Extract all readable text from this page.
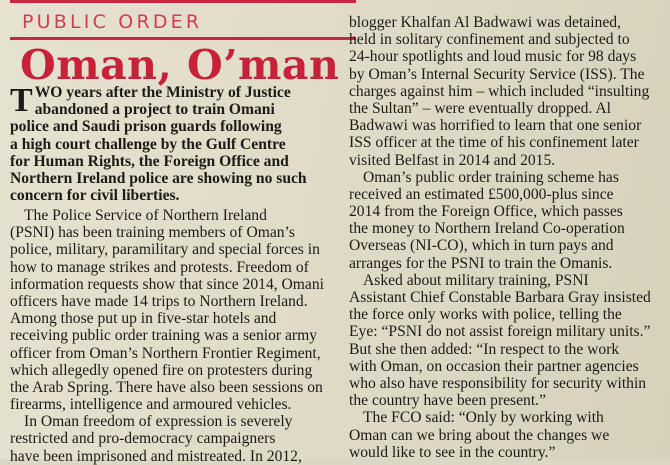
PUBLIC ORDER
Oman, O’man
T WO years after the Ministry of Justice
abandoned a project to train Omani
police and Saudi prison guards following
a high court challenge by the Gulf Centre
for Human Rights, the Foreign Office and
Northern Ireland police are showing no such
concern for civil liberties.
The Police Service of Northern Ireland
(PSNI) has been training members of Oman’s
police, military, paramilitary and special forces in
how to manage strikes and protests. Freedom of
information requests show that since 2014, Omani
officers have made 14 trips to Northern Ireland.
Among those put up in five-star hotels and
receiving public order training was a senior army
officer from Oman’s Northern Frontier Regiment,
which allegedly opened fire on protesters during
the Arab Spring. There have also been sessions on
firearms, intelligence and armoured vehicles.
In Oman freedom of expression is severely
restricted and pro-democracy campaigners
have been imprisoned and mistreated. In 2012,
blogger Khalfan Al Badwawi was detained,
held in solitary confinement and subjected to
24-hour spotlights and loud music for 98 days
by Oman’s Internal Security Service (ISS). The
charges against him – which included “insulting
the Sultan” – were eventually dropped. Al
Badwawi was horrified to learn that one senior
ISS officer at the time of his confinement later
visited Belfast in 2014 and 2015.
Oman’s public order training scheme has
received an estimated £500,000-plus since
2014 from the Foreign Office, which passes
the money to Northern Ireland Co-operation
Overseas (NI-CO), which in turn pays and
arranges for the PSNI to train the Omanis.
Asked about military training, PSNI
Assistant Chief Constable Barbara Gray insisted
the force only works with police, telling the
Eye: “PSNI do not assist foreign military units.”
But she then added: “In respect to the work
with Oman, on occasion their partner agencies
who also have responsibility for security within
the country have been present.”
The FCO said: “Only by working with
Oman can we bring about the changes we
would like to see in the country.”
